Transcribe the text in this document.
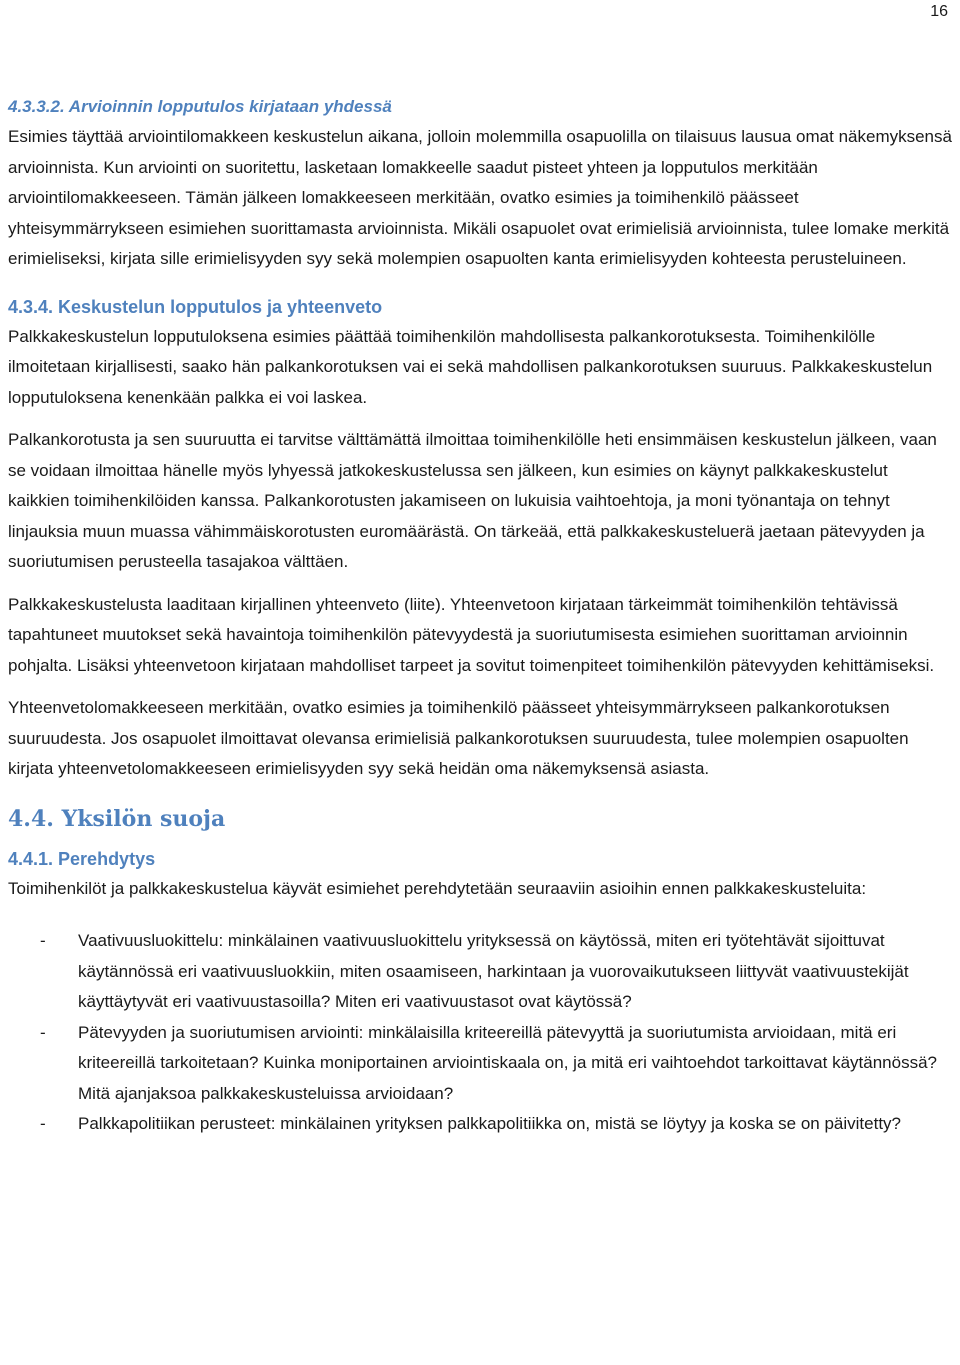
16
4.3.3.2. Arvioinnin lopputulos kirjataan yhdessä

Esimies täyttää arviointilomakkeen keskustelun aikana, jolloin molemmilla osapuolilla on tilaisuus lausua omat näkemyksensä arvioinnista. Kun arviointi on suoritettu, lasketaan lomakkeelle saadut pisteet yhteen ja lopputulos merkitään arviointilomakkeeseen. Tämän jälkeen lomakkeeseen merkitään, ovatko esimies ja toimihenkilö päässeet yhteisymmärrykseen esimiehen suorittamasta arvioinnista. Mikäli osapuolet ovat erimielisiä arvioinnista, tulee lomake merkitä erimieliseksi, kirjata sille erimielisyyden syy sekä molempien osapuolten kanta erimielisyyden kohteesta perusteluineen.

4.3.4. Keskustelun lopputulos ja yhteenveto

Palkkakeskustelun lopputuloksena esimies päättää toimihenkilön mahdollisesta palkankorotuksesta. Toimihenkilölle ilmoitetaan kirjallisesti, saako hän palkankorotuksen vai ei sekä mahdollisen palkankorotuksen suuruus. Palkkakeskustelun lopputuloksena kenenkään palkka ei voi laskea.

Palkankorotusta ja sen suuruutta ei tarvitse välttämättä ilmoittaa toimihenkilölle heti ensimmäisen keskustelun jälkeen, vaan se voidaan ilmoittaa hänelle myös lyhyessä jatkokeskustelussa sen jälkeen, kun esimies on käynyt palkkakeskustelut kaikkien toimihenkilöiden kanssa. Palkankorotusten jakamiseen on lukuisia vaihtoehtoja, ja moni työnantaja on tehnyt linjauksia muun muassa vähimmäiskorotusten euromäärästä. On tärkeää, että palkkakeskusteluerä jaetaan pätevyyden ja suoriutumisen perusteella tasajakoa välttäen.

Palkkakeskustelusta laaditaan kirjallinen yhteenveto (liite). Yhteenvetoon kirjataan tärkeimmät toimihenkilön tehtävissä tapahtuneet muutokset sekä havaintoja toimihenkilön pätevyydestä ja suoriutumisesta esimiehen suorittaman arvioinnin pohjalta. Lisäksi yhteenvetoon kirjataan mahdolliset tarpeet ja sovitut toimenpiteet toimihenkilön pätevyyden kehittämiseksi.

Yhteenvetolomakkeeseen merkitään, ovatko esimies ja toimihenkilö päässeet yhteisymmärrykseen palkankorotuksen suuruudesta. Jos osapuolet ilmoittavat olevansa erimielisiä palkankorotuksen suuruudesta, tulee molempien osapuolten kirjata yhteenvetolomakkeeseen erimielisyyden syy sekä heidän oma näkemyksensä asiasta.

4.4. Yksilön suoja
4.4.1. Perehdytys

Toimihenkilöt ja palkkakeskustelua käyvät esimiehet perehdytetään seuraaviin asioihin ennen palkkakeskusteluita:

- Vaativuusluokittelu: minkälainen vaativuusluokittelu yrityksessä on käytössä, miten eri työtehtävät sijoittuvat käytännössä eri vaativuusluokkiin, miten osaamiseen, harkintaan ja vuorovaikutukseen liittyvät vaativuustekijät käyttäytyvät eri vaativuustasoilla? Miten eri vaativuustasot ovat käytössä?
- Pätevyyden ja suoriutumisen arviointi: minkälaisilla kriteereillä pätevyyttä ja suoriutumista arvioidaan, mitä eri kriteereillä tarkoitetaan? Kuinka moniportainen arviointiskaala on, ja mitä eri vaihtoehdot tarkoittavat käytännössä? Mitä ajanjaksoa palkkakeskusteluissa arvioidaan?
- Palkkapolitiikan perusteet: minkälainen yrityksen palkkapolitiikka on, mistä se löytyy ja koska se on päivitetty?
